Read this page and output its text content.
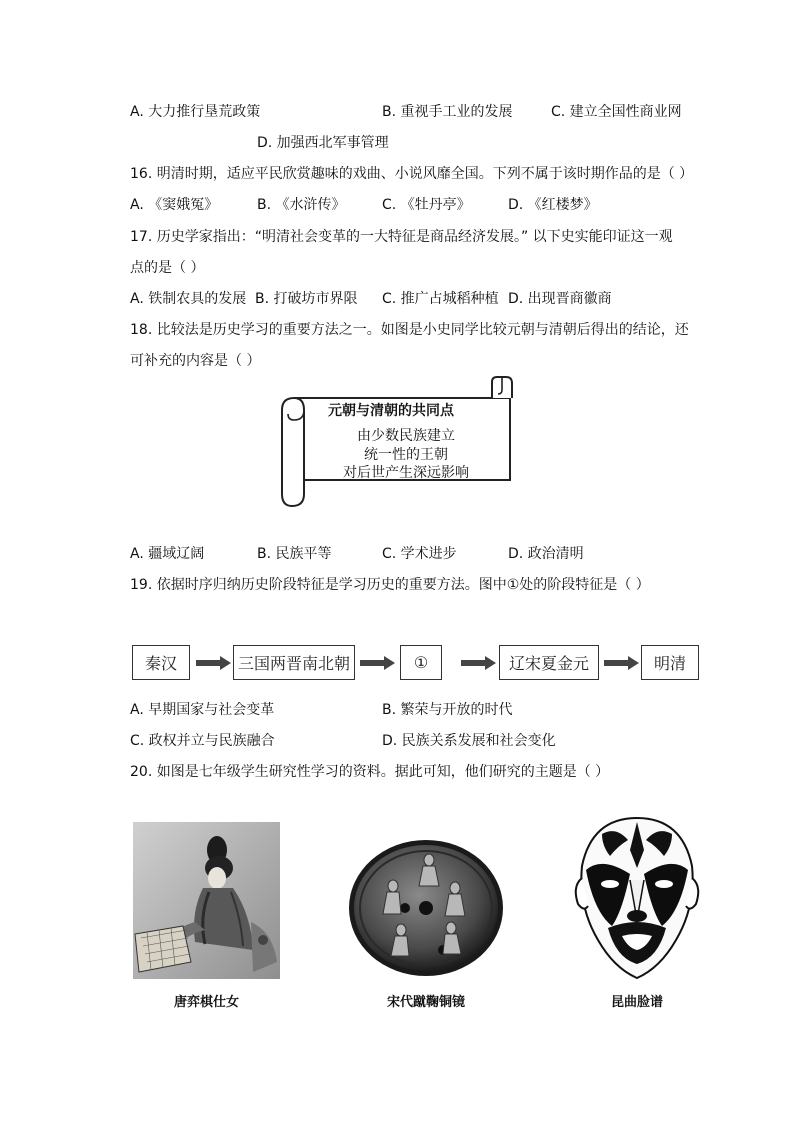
A. 大力推行垦荒政策	B. 重视手工业的发展	C. 建立全国性商业网
D. 加强西北军事管理
16. 明清时期，适应平民欣赏趣味的戏曲、小说风靡全国。下列不属于该时期作品的是（ ）
A. 《窦娥冤》	B. 《水浒传》	C. 《牡丹亭》	D. 《红楼梦》
17. 历史学家指出：“明清社会变革的一大特征是商品经济发展。” 以下史实能印证这一观
点的是（ ）
A. 铁制农具的发展 B. 打破坊市界限 C. 推广占城稻种植 D. 出现晋商徽商
18. 比较法是历史学习的重要方法之一。如图是小史同学比较元朝与清朝后得出的结论，还
可补充的内容是（ ）
元朝与清朝的共同点
由少数民族建立
统一性的王朝
对后世产生深远影响
A. 疆域辽阔	B. 民族平等	C. 学术进步	D. 政治清明
19. 依据时序归纳历史阶段特征是学习历史的重要方法。图中①处的阶段特征是（ ）
秦汉	三国两晋南北朝	①	辽宋夏金元	明清
A. 早期国家与社会变革	B. 繁荣与开放的时代
C. 政权并立与民族融合	D. 民族关系发展和社会变化
20. 如图是七年级学生研究性学习的资料。据此可知，他们研究的主题是（ ）
唐弈棋仕女	宋代蹴鞠铜镜	昆曲脸谱
